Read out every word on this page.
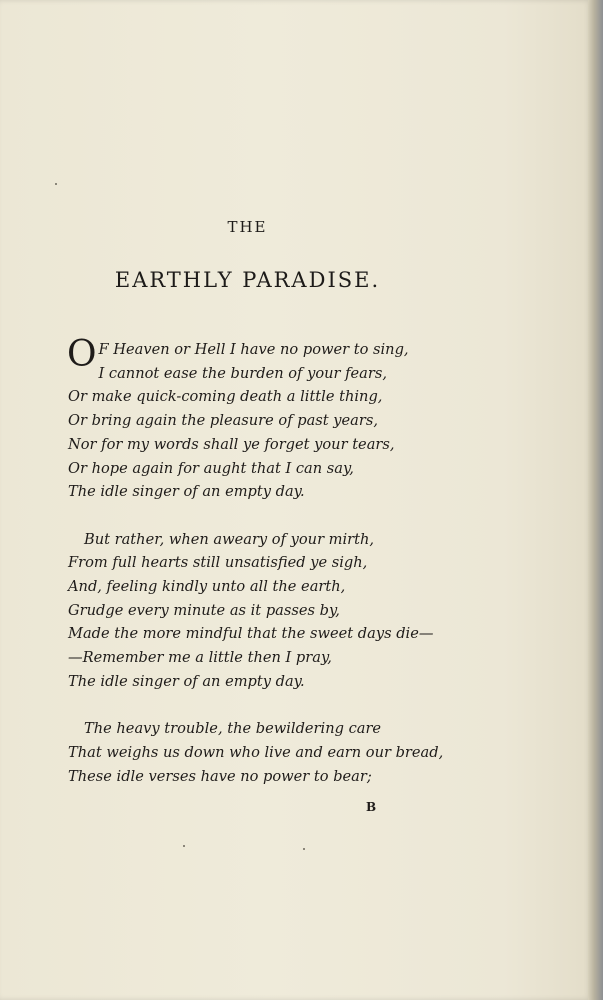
THE
EARTHLY PARADISE.
O F Heaven or Hell I have no power to sing,
I cannot ease the burden of your fears,
Or make quick-coming death a little thing,
Or bring again the pleasure of past years,
Nor for my words shall ye forget your tears,
Or hope again for aught that I can say,
The idle singer of an empty day.
But rather, when aweary of your mirth,
From full hearts still unsatisfied ye sigh,
And, feeling kindly unto all the earth,
Grudge every minute as it passes by,
Made the more mindful that the sweet days die—
—Remember me a little then I pray,
The idle singer of an empty day.
The heavy trouble, the bewildering care
That weighs us down who live and earn our bread,
These idle verses have no power to bear;
B
